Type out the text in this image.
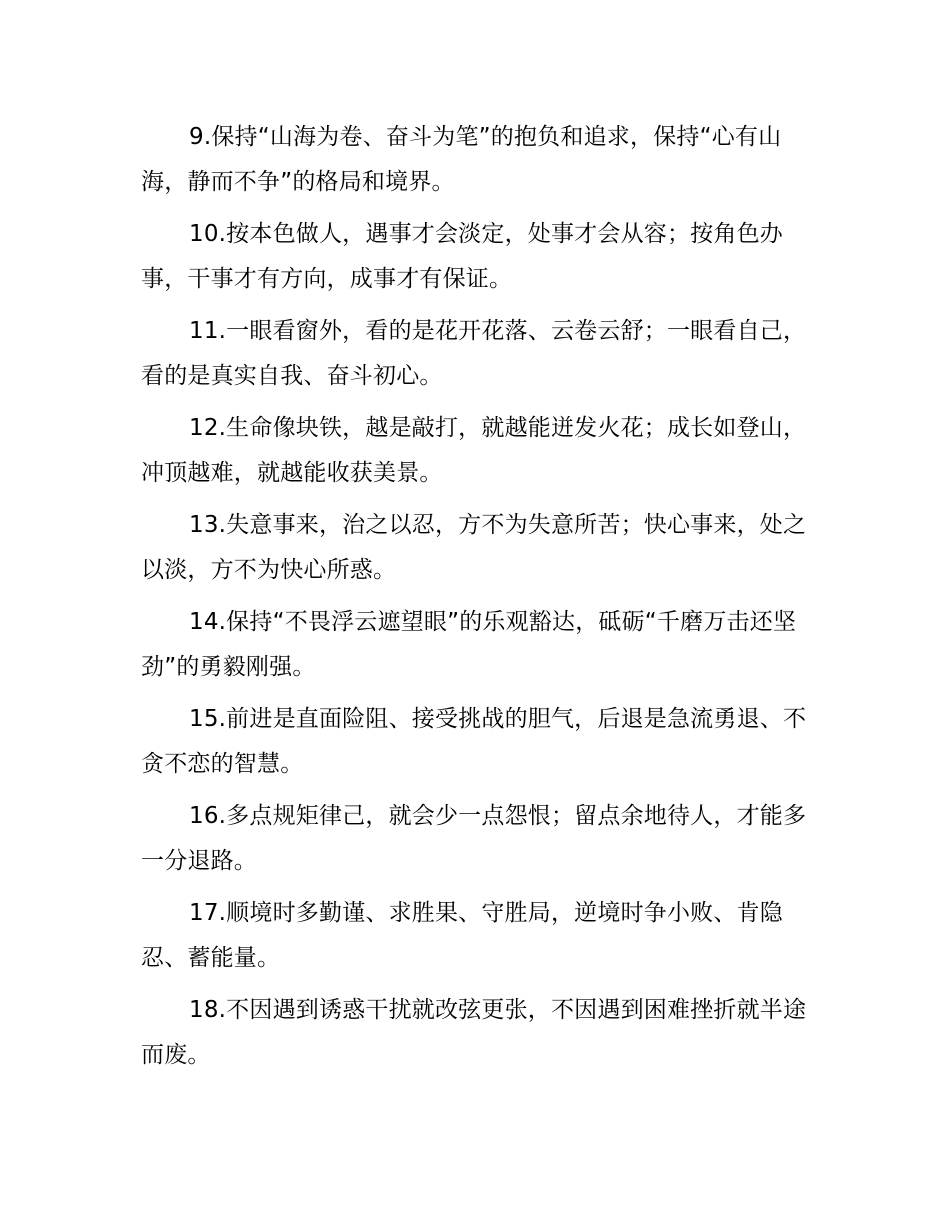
9.保持“山海为卷、奋斗为笔”的抱负和追求，保持“心有山海，静而不争”的格局和境界。

10.按本色做人，遇事才会淡定，处事才会从容；按角色办事，干事才有方向，成事才有保证。

11.一眼看窗外，看的是花开花落、云卷云舒；一眼看自己，看的是真实自我、奋斗初心。

12.生命像块铁，越是敲打，就越能迸发火花；成长如登山，冲顶越难，就越能收获美景。

13.失意事来，治之以忍，方不为失意所苦；快心事来，处之以淡，方不为快心所惑。

14.保持“不畏浮云遮望眼”的乐观豁达，砥砺“千磨万击还坚劲”的勇毅刚强。

15.前进是直面险阻、接受挑战的胆气，后退是急流勇退、不贪不恋的智慧。

16.多点规矩律己，就会少一点怨恨；留点余地待人，才能多一分退路。

17.顺境时多勤谨、求胜果、守胜局，逆境时争小败、肯隐忍、蓄能量。

18.不因遇到诱惑干扰就改弦更张，不因遇到困难挫折就半途而废。
